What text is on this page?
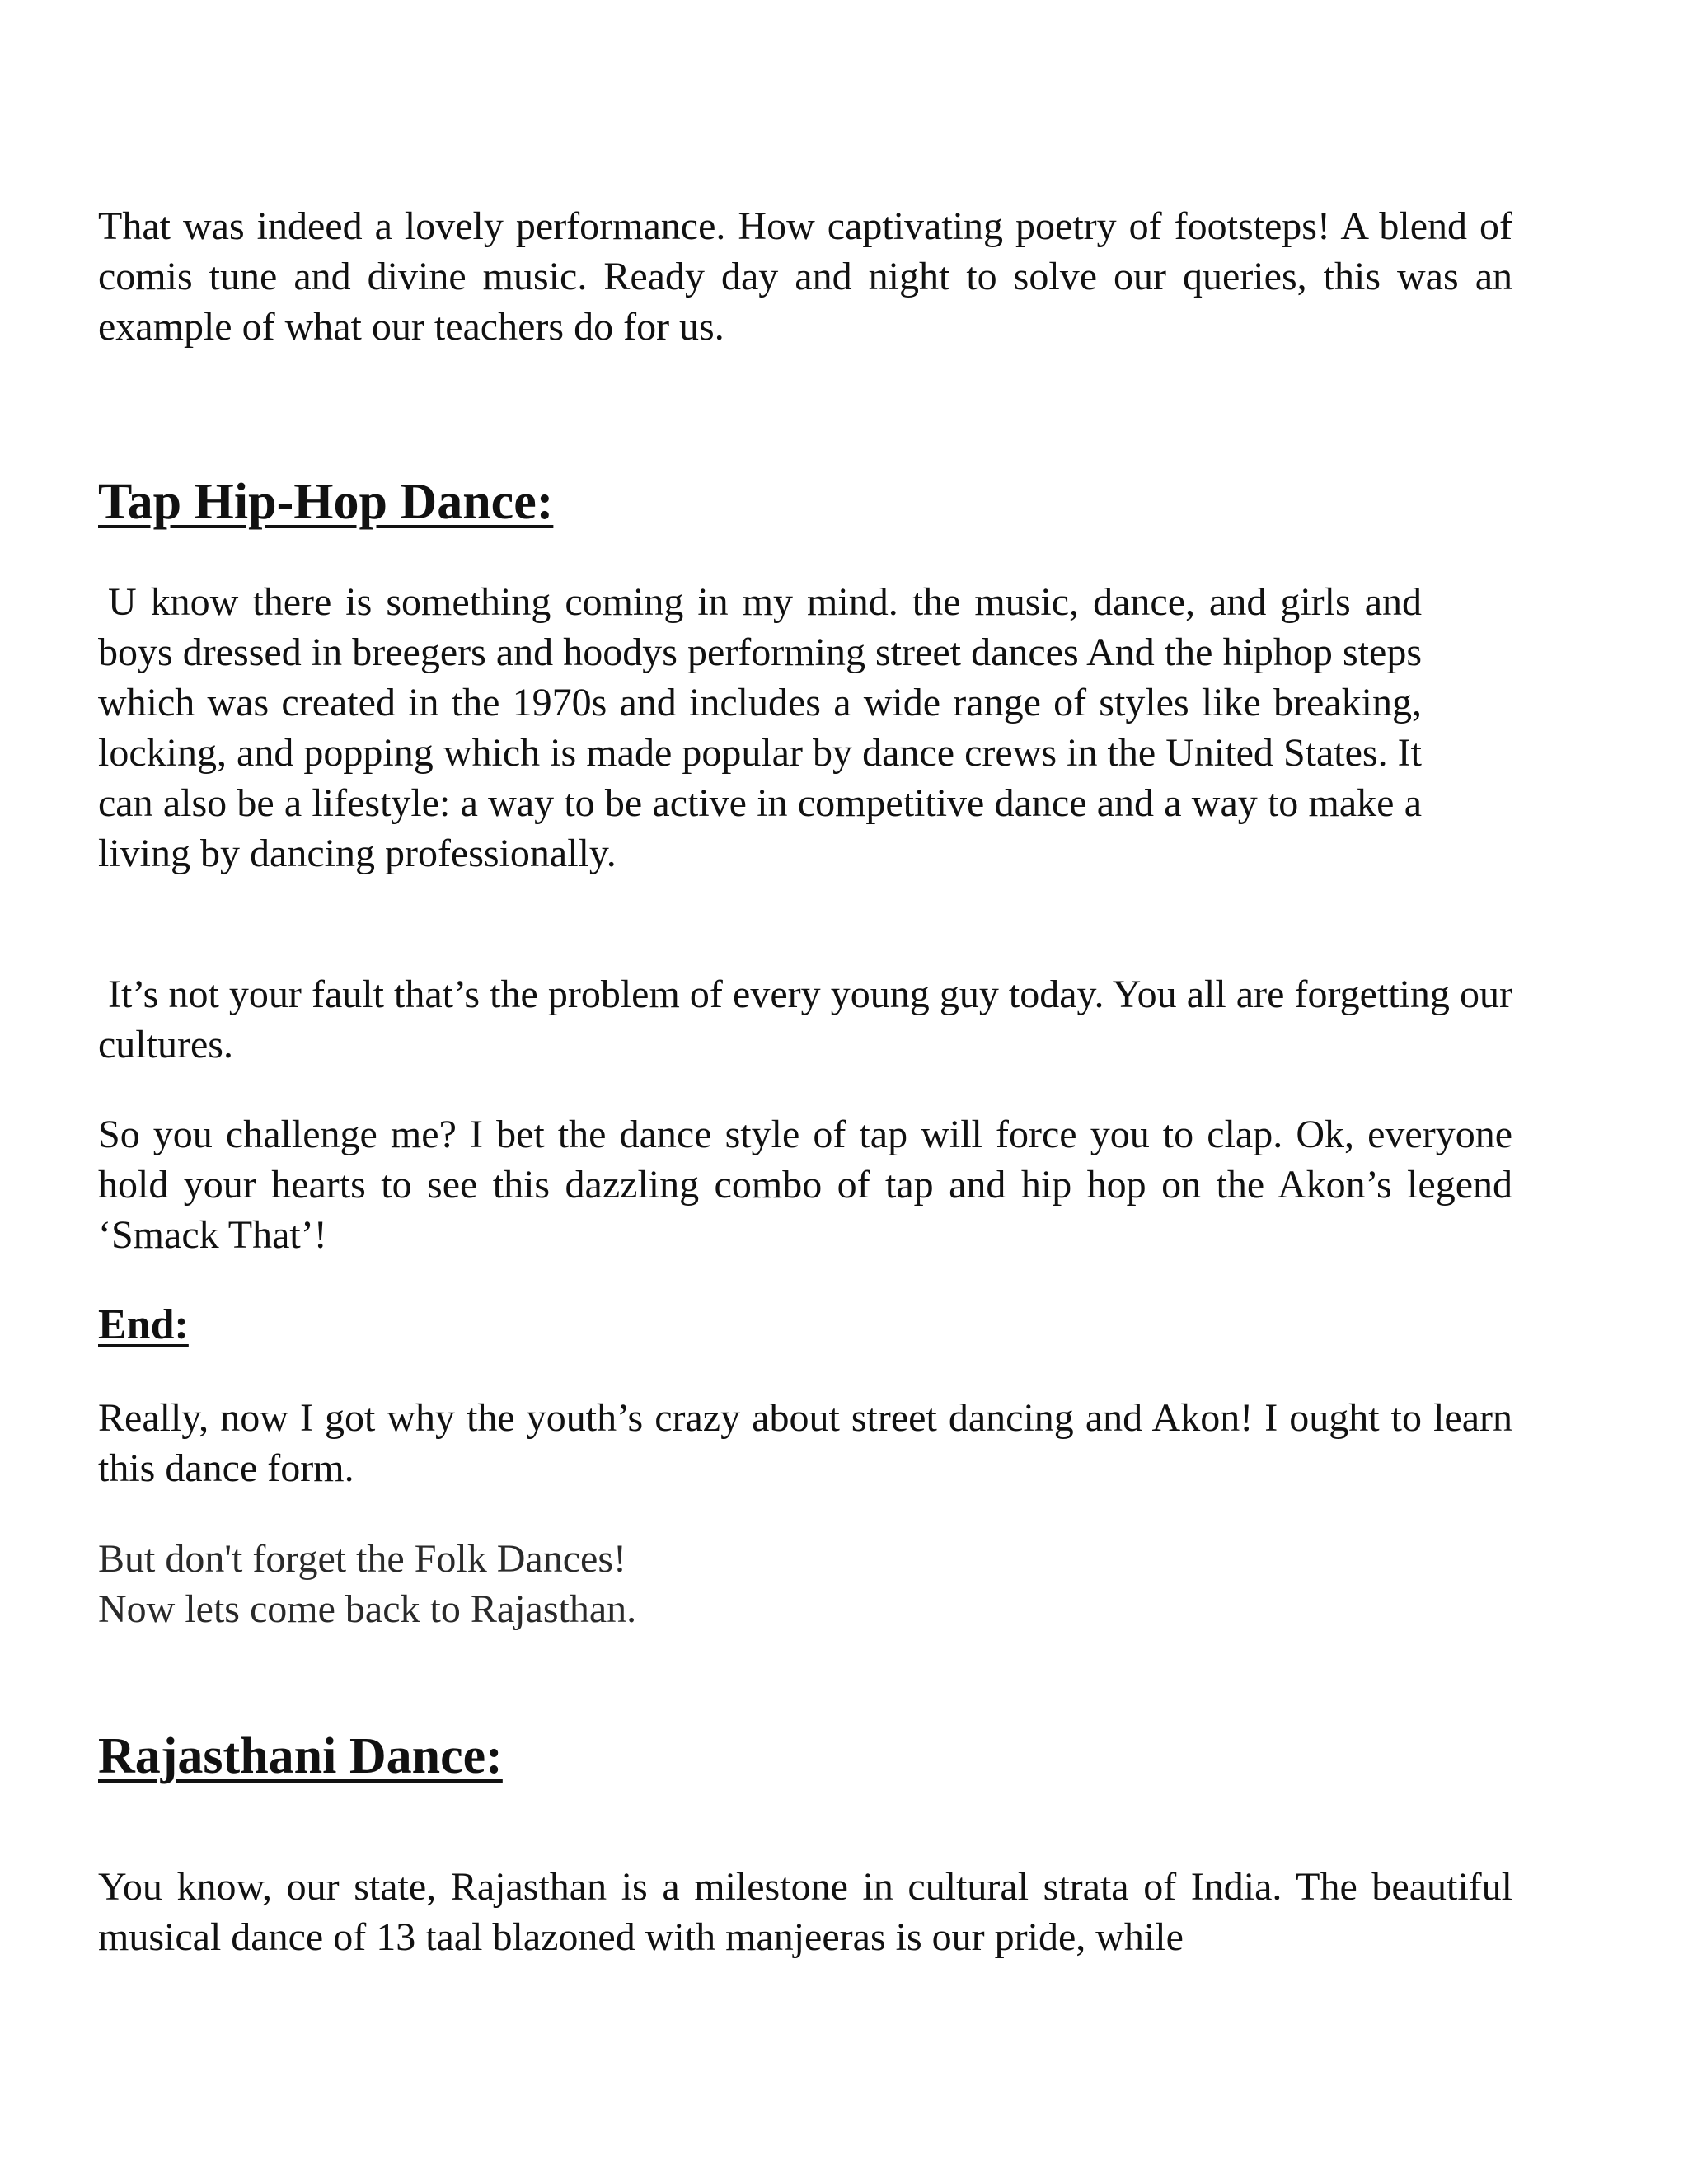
That was indeed a lovely performance. How captivating poetry of footsteps! A blend of comis tune and divine music. Ready day and night to solve our queries, this was an example of what our teachers do for us.

Tap Hip-Hop Dance:

U know there is something coming in my mind. the music, dance, and girls and boys dressed in breegers and hoodys performing street dances And the hiphop steps which was created in the 1970s and includes a wide range of styles like breaking, locking, and popping which is made popular by dance crews in the United States. It can also be a lifestyle: a way to be active in competitive dance and a way to make a living by dancing professionally.

It’s not your fault that’s the problem of every young guy today. You all are forgetting our cultures.

So you challenge me? I bet the dance style of tap will force you to clap. Ok, everyone hold your hearts to see this dazzling combo of tap and hip hop on the Akon’s legend ‘Smack That’!

End:

Really, now I got why the youth’s crazy about street dancing and Akon! I ought to learn this dance form.

But don't forget the Folk Dances!

Now lets come back to Rajasthan.

Rajasthani Dance:

You know, our state, Rajasthan is a milestone in cultural strata of India. The beautiful musical dance of 13 taal blazoned with manjeeras is our pride, while
